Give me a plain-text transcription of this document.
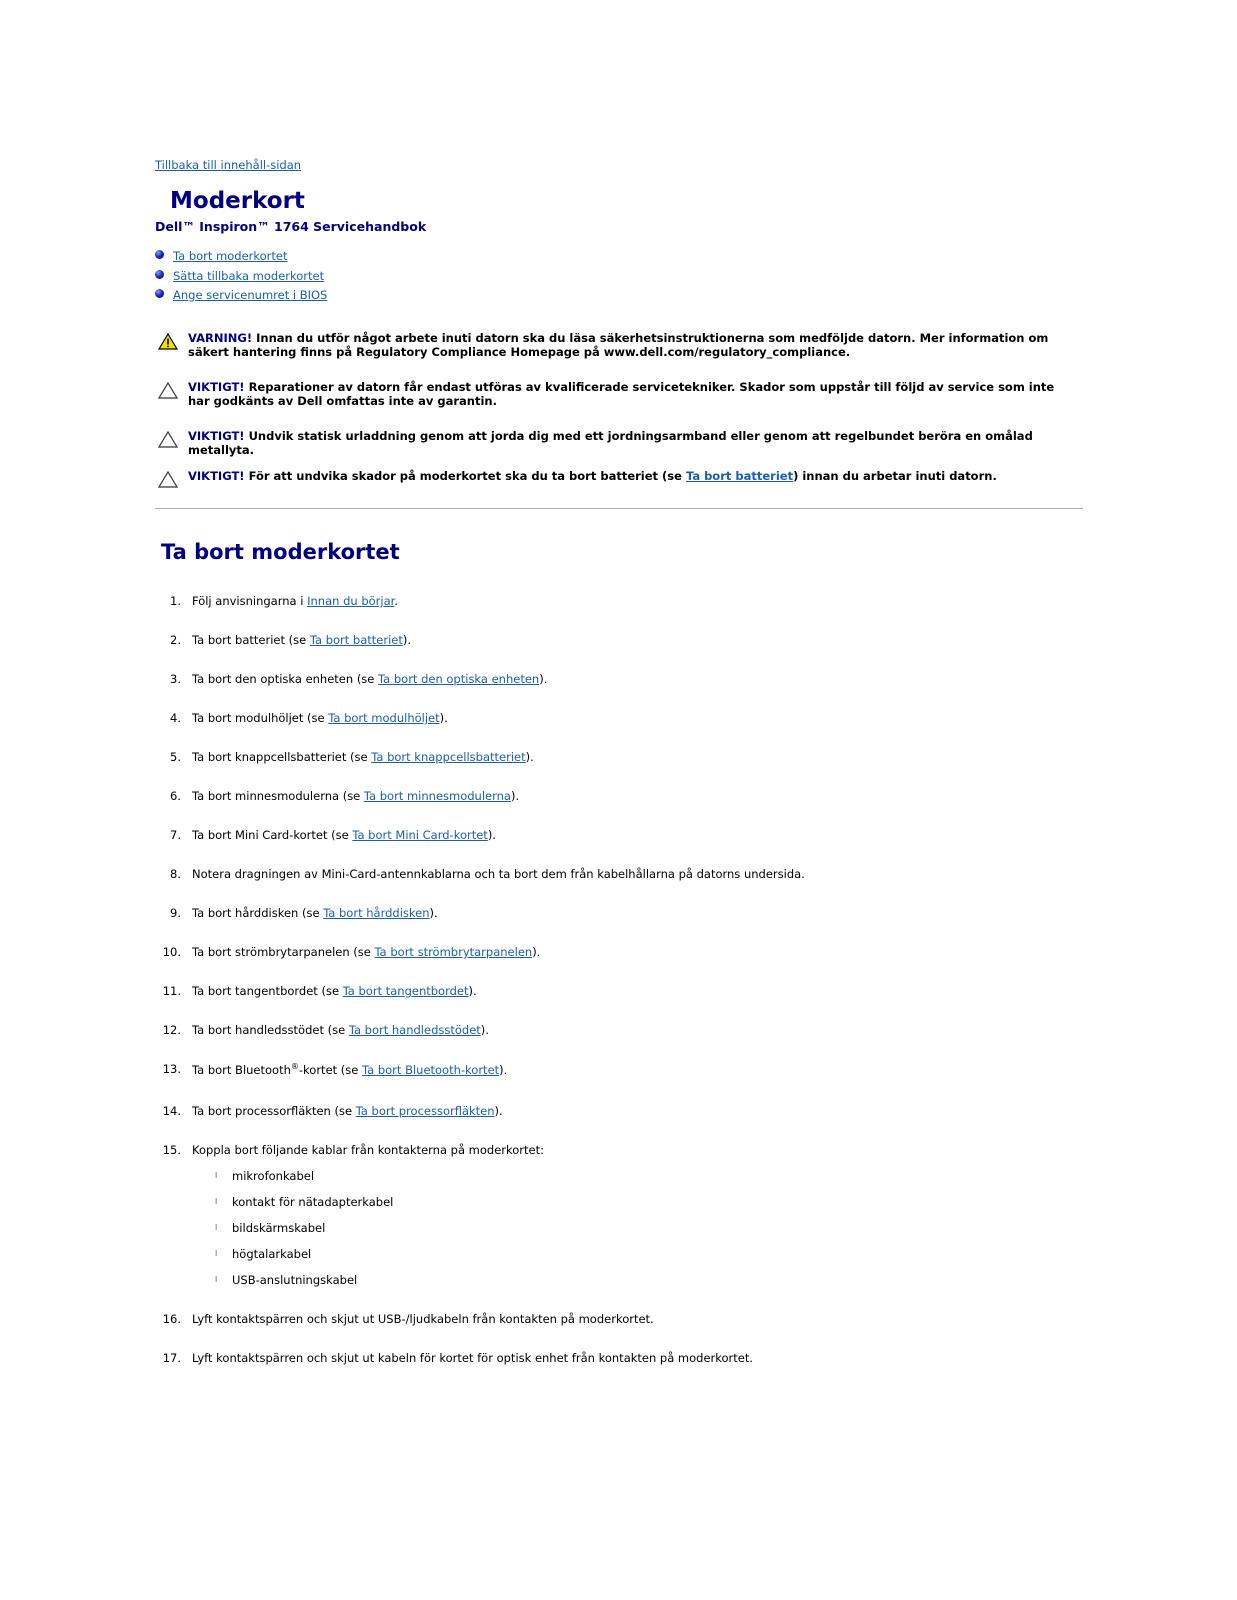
Tillbaka till innehåll-sidan
Moderkort
Dell™ Inspiron™ 1764 Servicehandbok
Ta bort moderkortet
Sätta tillbaka moderkortet
Ange servicenumret i BIOS
VARNING! Innan du utför något arbete inuti datorn ska du läsa säkerhetsinstruktionerna som medföljde datorn. Mer information om säkert hantering finns på Regulatory Compliance Homepage på www.dell.com/regulatory_compliance.
VIKTIGT! Reparationer av datorn får endast utföras av kvalificerade servicetekniker. Skador som uppstår till följd av service som inte har godkänts av Dell omfattas inte av garantin.
VIKTIGT! Undvik statisk urladdning genom att jorda dig med ett jordningsarmband eller genom att regelbundet beröra en omålad metallyta.
VIKTIGT! För att undvika skador på moderkortet ska du ta bort batteriet (se Ta bort batteriet) innan du arbetar inuti datorn.
Ta bort moderkortet
1. Följ anvisningarna i Innan du börjar.
2. Ta bort batteriet (se Ta bort batteriet).
3. Ta bort den optiska enheten (se Ta bort den optiska enheten).
4. Ta bort modulhöljet (se Ta bort modulhöljet).
5. Ta bort knappcellsbatteriet (se Ta bort knappcellsbatteriet).
6. Ta bort minnesmodulerna (se Ta bort minnesmodulerna).
7. Ta bort Mini Card-kortet (se Ta bort Mini Card-kortet).
8. Notera dragningen av Mini-Card-antennkablarna och ta bort dem från kabelhållarna på datorns undersida.
9. Ta bort hårddisken (se Ta bort hårddisken).
10. Ta bort strömbrytarpanelen (se Ta bort strömbrytarpanelen).
11. Ta bort tangentbordet (se Ta bort tangentbordet).
12. Ta bort handledsstödet (se Ta bort handledsstödet).
13. Ta bort Bluetooth®-kortet (se Ta bort Bluetooth-kortet).
14. Ta bort processorfläkten (se Ta bort processorfläkten).
15. Koppla bort följande kablar från kontakterna på moderkortet:
l mikrofonkabel
l kontakt för nätadapterkabel
l bildskärmskabel
l högtalarkabel
l USB-anslutningskabel
16. Lyft kontaktspärren och skjut ut USB-/ljudkabeln från kontakten på moderkortet.
17. Lyft kontaktspärren och skjut ut kabeln för kortet för optisk enhet från kontakten på moderkortet.
